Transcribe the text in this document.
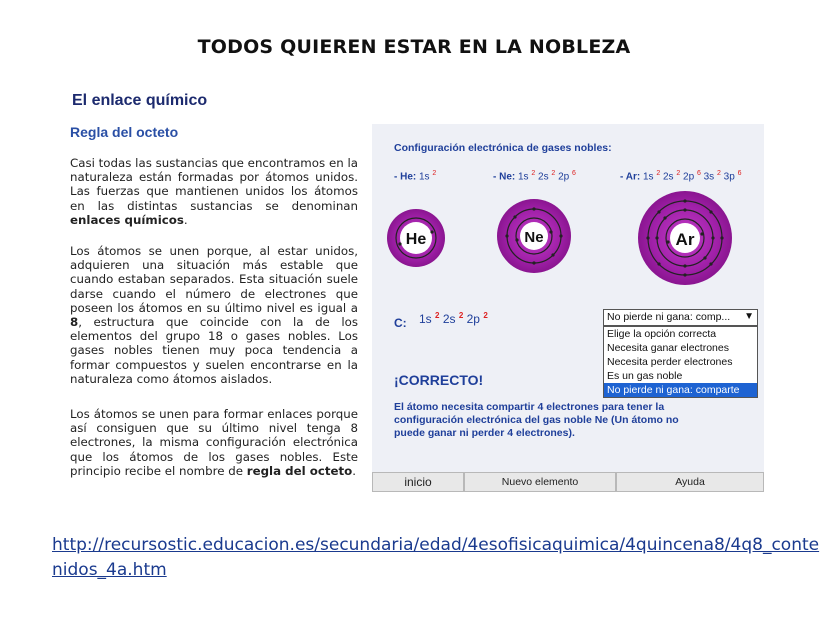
TODOS QUIEREN ESTAR EN LA NOBLEZA
El enlace químico
Regla del octeto
Casi todas las sustancias que encontramos en la naturaleza están formadas por átomos unidos. Las fuerzas que mantienen unidos los átomos en las distintas sustancias se denominan enlaces químicos.
Los átomos se unen porque, al estar unidos, adquieren una situación más estable que cuando estaban separados. Esta situación suele darse cuando el número de electrones que poseen los átomos en su último nivel es igual a 8, estructura que coincide con la de los elementos del grupo 18 o gases nobles. Los gases nobles tienen muy poca tendencia a formar compuestos y suelen encontrarse en la naturaleza como átomos aislados.
Los átomos se unen para formar enlaces porque así consiguen que su último nivel tenga 8 electrones, la misma configuración electrónica que los átomos de los gases nobles. Este principio recibe el nombre de regla del octeto.
Configuración electrónica de gases nobles:
- He: 1s $^2$	- Ne: 1s $^2$ 2s $^2$ 2p $^6$	- Ar: 1s $^2$ 2s $^2$ 2p $^6$ 3s $^2$ 3p $^6$
He	Ne	Ar
C: 1s $^2$ 2s $^2$ 2p $^2$	No pierde ni gana: comp... ▼
Elige la opción correcta
Necesita ganar electrones
Necesita perder electrones
Es un gas noble
No pierde ni gana: comparte
¡CORRECTO!
El átomo necesita compartir 4 electrones para tener la configuración electrónica del gas noble Ne (Un átomo no puede ganar ni perder 4 electrones).
inicio	Nuevo elemento	Ayuda
http://recursostic.educacion.es/secundaria/edad/4esofisicaquimica/4quincena8/4q8_contenidos_4a.htm
